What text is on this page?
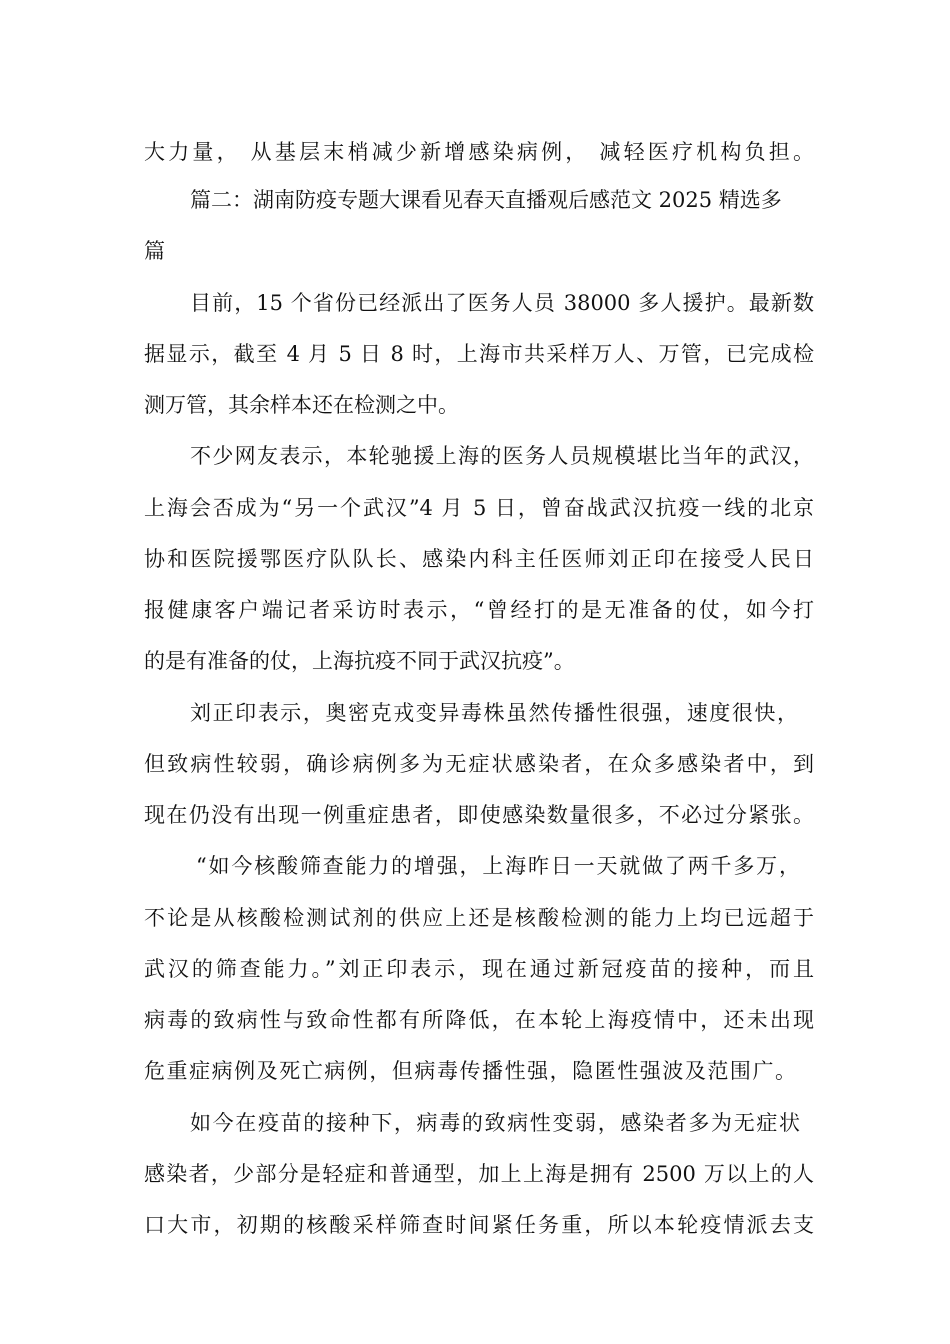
大力量， 从基层末梢减少新增感染病例， 减轻医疗机构负担。
篇二：湖南防疫专题大课看见春天直播观后感范文 2025 精选多
篇
目前，15 个省份已经派出了医务人员 38000 多人援护。最新数
据显示，截至 4 月 5 日 8 时，上海市共采样万人、万管，已完成检
测万管，其余样本还在检测之中。
不少网友表示，本轮驰援上海的医务人员规模堪比当年的武汉，
上海会否成为“另一个武汉”4 月 5 日，曾奋战武汉抗疫一线的北京
协和医院援鄂医疗队队长、感染内科主任医师刘正印在接受人民日
报健康客户端记者采访时表示，“曾经打的是无准备的仗，如今打
的是有准备的仗，上海抗疫不同于武汉抗疫”。
刘正印表示，奥密克戎变异毒株虽然传播性很强，速度很快，
但致病性较弱，确诊病例多为无症状感染者，在众多感染者中，到
现在仍没有出现一例重症患者，即使感染数量很多，不必过分紧张。
“如今核酸筛查能力的增强，上海昨日一天就做了两千多万，
不论是从核酸检测试剂的供应上还是核酸检测的能力上均已远超于
武汉的筛查能力。”刘正印表示，现在通过新冠疫苗的接种，而且
病毒的致病性与致命性都有所降低，在本轮上海疫情中，还未出现
危重症病例及死亡病例，但病毒传播性强，隐匿性强波及范围广。
如今在疫苗的接种下，病毒的致病性变弱，感染者多为无症状
感染者，少部分是轻症和普通型，加上上海是拥有 2500 万以上的人
口大市，初期的核酸采样筛查时间紧任务重，所以本轮疫情派去支
